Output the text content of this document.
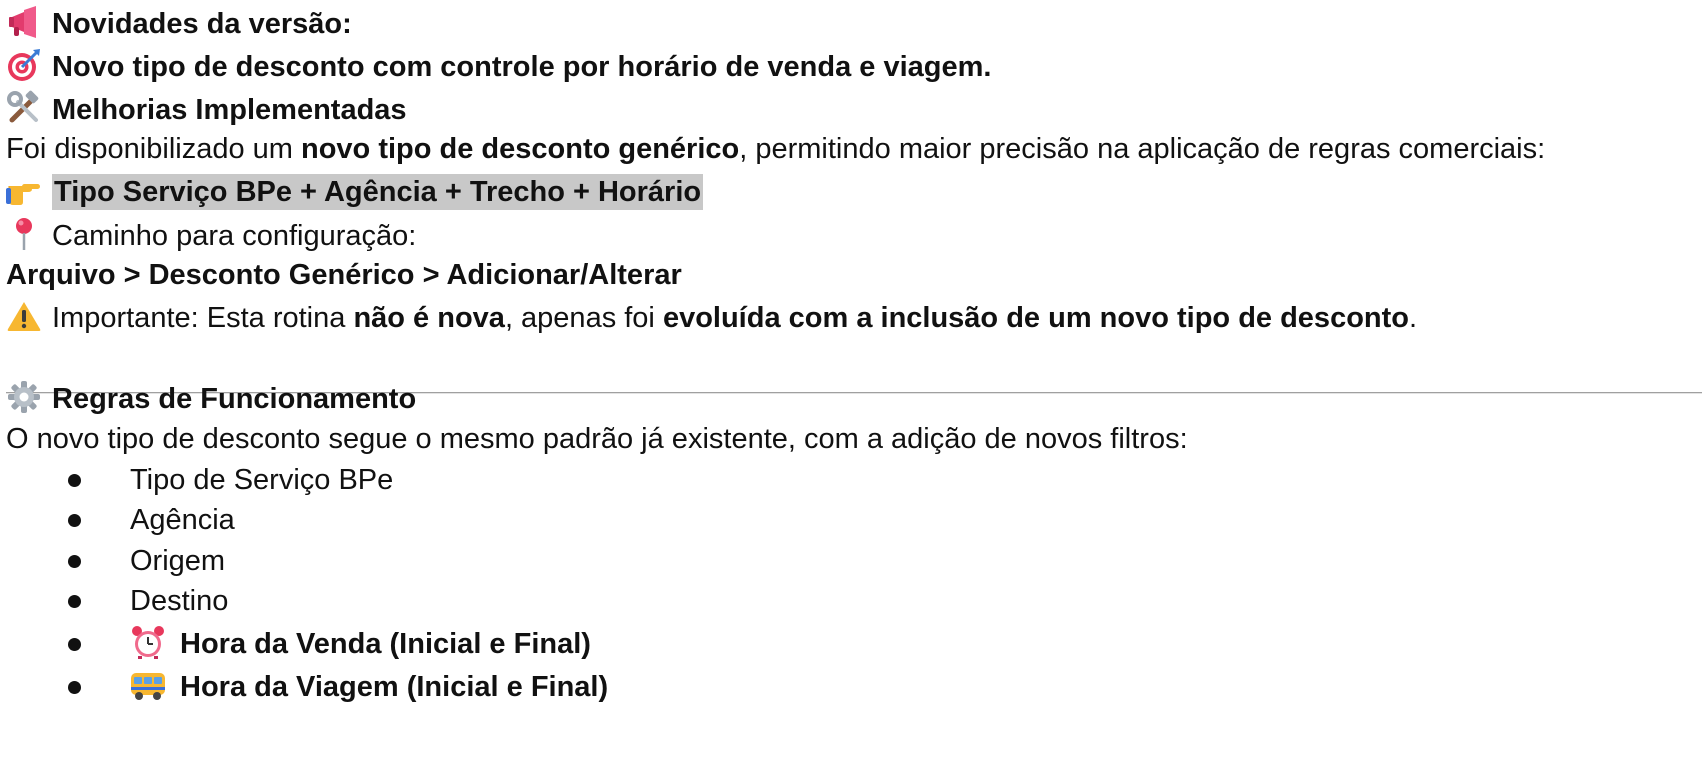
Novidades da versão:
Novo tipo de desconto com controle por horário de venda e viagem.
Melhorias Implementadas
Foi disponibilizado um novo tipo de desconto genérico, permitindo maior precisão na aplicação de regras comerciais:
Tipo Serviço BPe + Agência + Trecho + Horário
Caminho para configuração:
Arquivo > Desconto Genérico > Adicionar/Alterar
Importante: Esta rotina não é nova, apenas foi evoluída com a inclusão de um novo tipo de desconto.
Regras de Funcionamento
O novo tipo de desconto segue o mesmo padrão já existente, com a adição de novos filtros:
Tipo de Serviço BPe
Agência
Origem
Destino
Hora da Venda (Inicial e Final)
Hora da Viagem (Inicial e Final)
